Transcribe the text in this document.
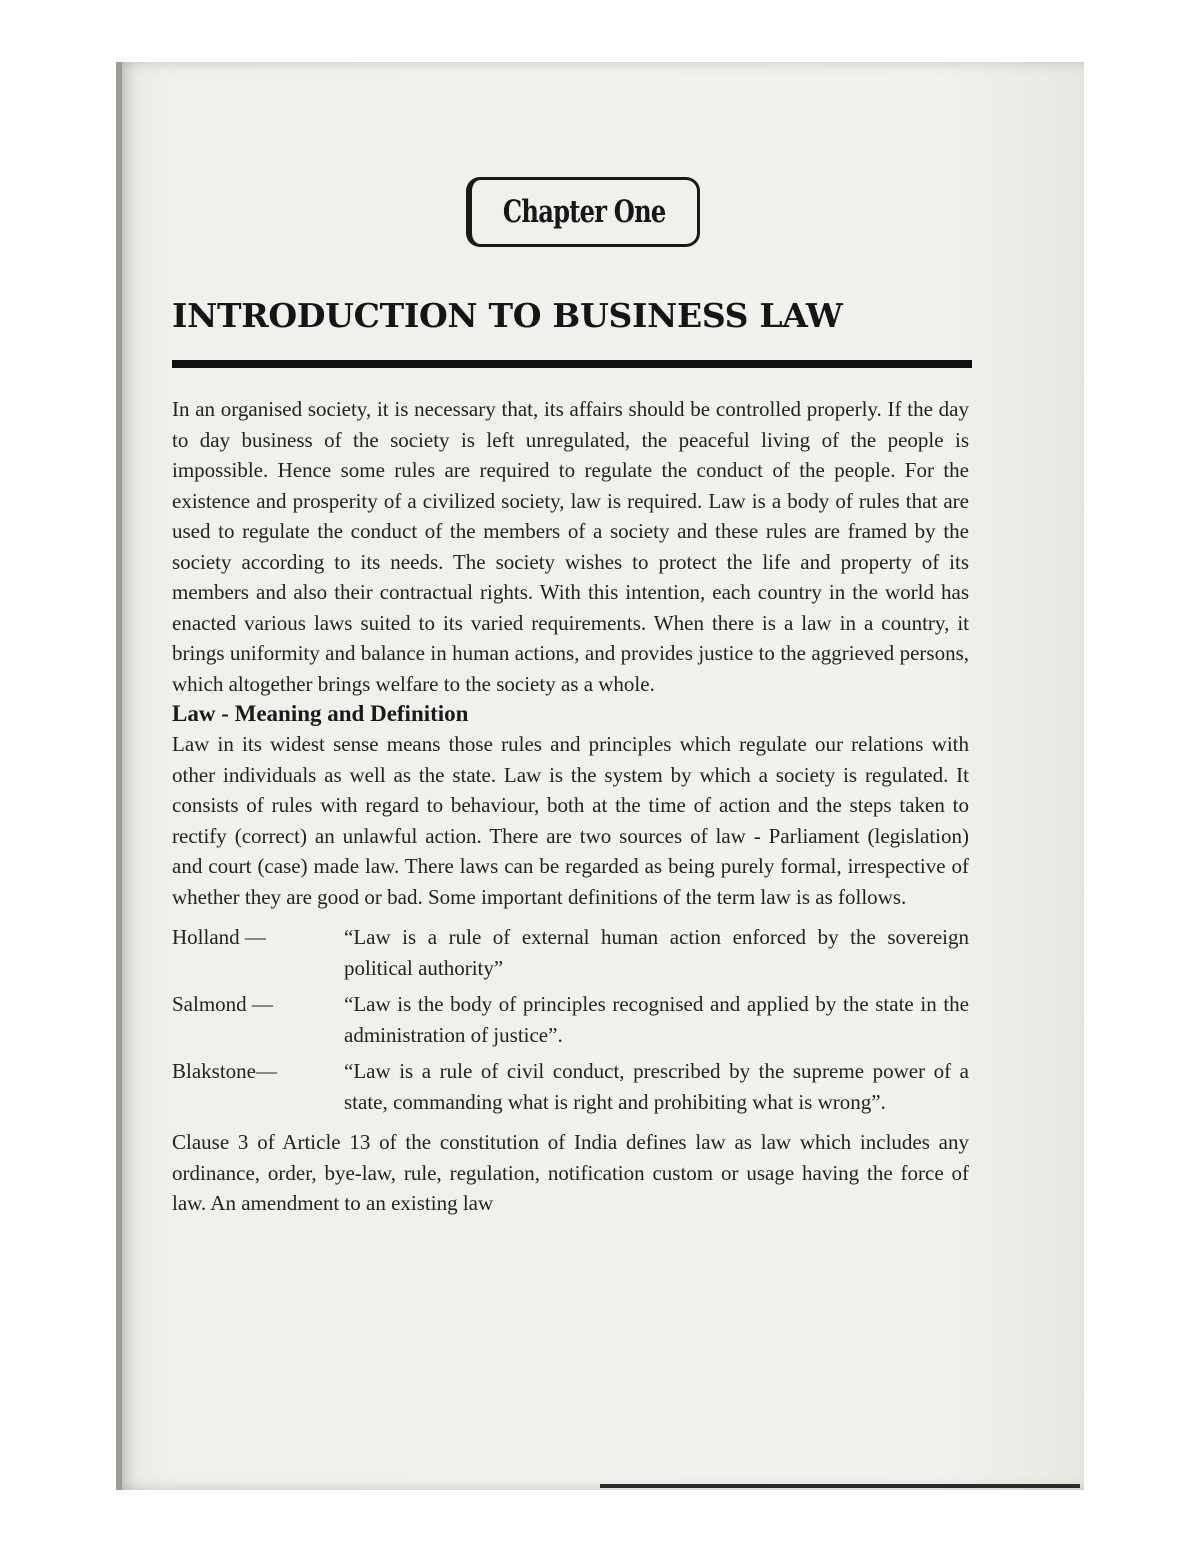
Chapter One
INTRODUCTION TO BUSINESS LAW

In an organised society, it is necessary that, its affairs should be controlled properly. If the day to day business of the society is left unregulated, the peaceful living of the people is impossible. Hence some rules are required to regulate the conduct of the people. For the existence and prosperity of a civilized society, law is required. Law is a body of rules that are used to regulate the conduct of the members of a society and these rules are framed by the society according to its needs. The society wishes to protect the life and property of its members and also their contractual rights. With this intention, each country in the world has enacted various laws suited to its varied requirements. When there is a law in a country, it brings uniformity and balance in human actions, and provides justice to the aggrieved persons, which altogether brings welfare to the society as a whole.

Law - Meaning and Definition

Law in its widest sense means those rules and principles which regulate our relations with other individuals as well as the state. Law is the system by which a society is regulated. It consists of rules with regard to behaviour, both at the time of action and the steps taken to rectify (correct) an unlawful action. There are two sources of law - Parliament (legislation) and court (case) made law. There laws can be regarded as being purely formal, irrespective of whether they are good or bad. Some important definitions of the term law is as follows.

Holland —	“Law is a rule of external human action enforced by the sovereign political authority”
Salmond —	“Law is the body of principles recognised and applied by the state in the administration of justice”.
Blakstone—	“Law is a rule of civil conduct, prescribed by the supreme power of a state, commanding what is right and prohibiting what is wrong”.

Clause 3 of Article 13 of the constitution of India defines law as law which includes any ordinance, order, bye-law, rule, regulation, notification custom or usage having the force of law. An amendment to an existing law
